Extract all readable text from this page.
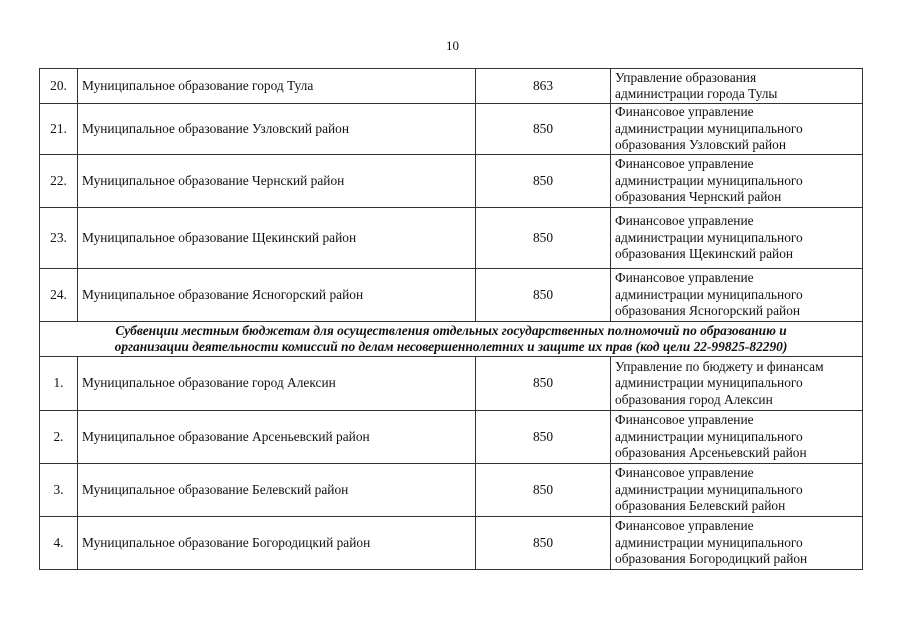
10
20.	Муниципальное образование город Тула	863	Управление образования
администрации города Тулы

21.	Муниципальное образование Узловский район	850	Финансовое управление
администрации муниципального
образования Узловский район

22.	Муниципальное образование Чернский район	850	Финансовое управление
администрации муниципального
образования Чернский район

23.	Муниципальное образование Щекинский район	850	Финансовое управление
администрации муниципального
образования Щекинский район

24.	Муниципальное образование Ясногорский район	850	Финансовое управление
администрации муниципального
образования Ясногорский район

Субвенции местным бюджетам для осуществления отдельных государственных полномочий по образованию и
организации деятельности комиссий по делам несовершеннолетних и защите их прав (код цели 22-99825-82290)			

1.	Муниципальное образование город Алексин	850	Управление по бюджету и финансам
администрации муниципального
образования город Алексин

2.	Муниципальное образование Арсеньевский район	850	Финансовое управление
администрации муниципального
образования Арсеньевский район

3.	Муниципальное образование Белевский район	850	Финансовое управление
администрации муниципального
образования Белевский район

4.	Муниципальное образование Богородицкий район	850	Финансовое управление
администрации муниципального
образования Богородицкий район
